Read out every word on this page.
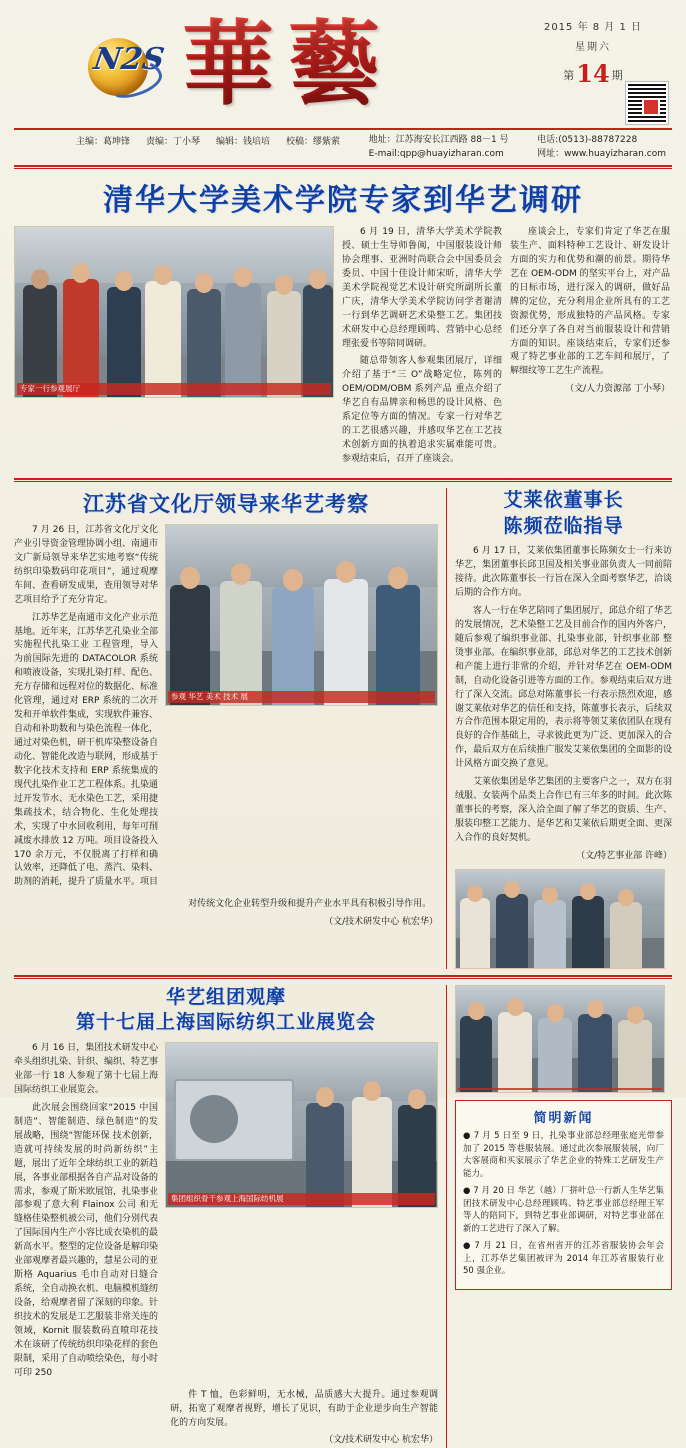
N2S 華藝	2015 年 8 月 1 日
星期六
第14 期
主编：葛坤锋 责编：丁小琴 编辑：钱培培 校稿：缪紫萦	地址：江苏海安长江西路 88－1 号
E-mail:qpp@huayizharan.com
电话:(0513)-88787228
网址：www.huayizharan.com
清华大学美术学院专家到华艺调研
专家一行参观展厅

6 月 19 日，清华大学美术学院教授、硕士生导师鲁闽，中国服装设计师协会理事、亚洲时尚联合会中国委员会委员、中国十佳设计师宋昕，清华大学美术学院视觉艺术设计研究所副所长董广庆，清华大学美术学院访问学者谢清一行到华艺调研艺术染整工艺。集团技术研发中心总经理顾鸣、营销中心总经理张爱书等陪同调研。

随总带领客人参观集团展厅，详细介绍了基于“三 O”战略定位，陈列的 OEM/ODM/OBM 系列产品 重点介绍了华艺自有品牌亲和畅思的设计风格、色系定位等方面的情况。专家一行对华艺的工艺很感兴趣，并感叹华艺在工艺技术创新方面的执着追求实属难能可贵。参观结束后，召开了座谈会。

座谈会上，专家们肯定了华艺在服装生产、面料特种工艺设计、研发设计方面的实力和优势和潮的前景。期待华艺在 OEM-ODM 的坚实平台上，对产品的日标市场，进行深入的调研，做好品牌的定位，充分利用企业所具有的工艺资源优势，形成独特的产品风格。专家们还分享了各自对当前服装设计和营销方面的知识。座谈结束后，专家们还参观了特艺事业部的工艺车间和展厅，了解细纹等工艺生产流程。

（文/人力资源部 丁小琴）
江苏省文化厅领导来华艺考察

7 月 26 日，江苏省文化厅文化产业引导资金管理协调小组、南通市文广新局领导来华艺实地考察“传统纺织印染数码印花项目”，通过观摩车间、查看研发成果，查用领导对华艺项目给予了充分肯定。

江苏华艺是南通市文化产业示范基地。近年来，江苏华艺孔染业全部实施程代扎染工业 工程管理，导入为前国际先进的 DATACOLOR 系统和喷液设备，实现扎染打样、配色、充方存储和远程对位的数据化、标准化管理，通过对 ERP 系统的二次开发和开单软件集成，实现软件兼容、自动和补助数和与染色流程一体化，通过对染色机，研干机库染整设备自动化、智能化改造与联网，形成基于数字化技术支持和 ERP 系统集成的现代扎染作业工艺工程体系。扎染通过开发节水、无水染色工艺，采用捷集疏技术，结合物化、生化处理技术，实现了中水回收利用，每年可削减废水排放 12 万吨。项目设备投入 170 余万元，不仅脱离了打样和确认效率，还降低了电、蒸汽、染料、助剂的消耗，提升了质量水平。项目

参观 华艺 美术 技术 展

对传统文化企业转型升级和提升产业水平具有积极引导作用。

（文/技术研发中心 杭宏华）
艾莱依董事长
陈频莅临指导

6 月 17 日，艾莱依集团董事长陈频女士一行来访华艺，集团董事长邱卫国及相关事业部负责人一同前陪接待。此次陈董事长一行旨在深入全面考察华艺，洽谈后期的合作方向。

客人一行在华艺陪同了集团展厅，邱总介绍了华艺的发展情况，艺术染整工艺及目前合作的国内外客户，随后参观了编织事业部、扎染事业部，针织事业部 整烫事业部。在编织事业部，邱总对华艺的工艺技术创新和产能上进行非常的介绍，并针对华艺在 OEM-ODM 制，自动化设备引进等方面的工作。参观结束后双方进行了深入交流。邱总对陈董事长一行表示热烈欢迎，感谢艾莱依对华艺的信任和支持，陈董事长表示，后续双方合作范围本限定用的，表示将等领艾莱依团队在现有良好的合作基础上，寻求彼此更为广泛、更加深入的合作，最后双方在后续推广服发艾莱依集团的全面影的设计风格方面交换了意见。

艾莱依集团是华艺集团的主要客户之一，双方在羽绒服、女装两个品类上合作已有三年多的时间。此次陈董事长的考察，深入洽全面了解了华艺的资质、生产、服装印整工艺能力、是华艺和艾莱依后期更全面、更深入合作的良好契机。

（文/特艺事业部 许峰）
华艺组团观摩
第十七届上海国际纺织工业展览会

6 月 16 日，集团技术研发中心牵头组织扎染、针织、编织、特艺事业部一行 18 人参观了第十七届上海国际纺织工业展览会。

此次展会围绕回家“2015 中国制造”、智能制造、绿色制造”的发展战略，围绕“智能环保 技术创新，造就可持续发展的时尚新纺织”主题，展出了近年全球纺织工业的新趋展，各事业部根据各自产品对设备的需求，参观了斯米欧展馆，扎染事业部参观了意大利 Flainox 公司 和无缝格佳染整机被公司，他们分别代表了国际国内生产小容比成衣染机的最新高水平。整型的定位设备是解印染业部观摩者最兴趣的，慧星公司的亚斯格 Aquarius 毛巾自动对日缝合系统，全自动换衣机、电脑模机缝纫设备，给观摩者留了深刻的印象。针织技术的发展是工艺服装非常关连的领域，Kornit 服装数码直喷印花技术在该研了传统纺织印染花样的套色限制，采用了自动喷绘染色，每小时可印 250

集团组织骨干参观上海国际纺机展

件 T 恤，色彩鲜明，无水械，品质感大大提升。通过参观调研，拓宽了观摩者视野，增长了见识，有助于企业逆步向生产智能化的方向发展。

（文/技术研发中心 杭宏华）
简明新闻
● 7 月 5 日至 9 日，扎染事业部总经理张庭光带参加了 2015 等巷服装展。通过此次参展服装展，向厂大客展商和买家展示了华艺企业的特殊工艺研发生产能力。
● 7 月 20 日 华艺（越）厂拼叶总一行新人生华艺集团技术研发中心总经理顾鸣、特艺事业部总经理王军等人的陪同下，到特艺事业部调研，对特艺事业部在新的工艺进行了深入了解。
● 7 月 21 日，在省州省开的江苏省服装协会年会上，江苏华艺集团被评为 2014 年江苏省服装行业 50 强企业。
